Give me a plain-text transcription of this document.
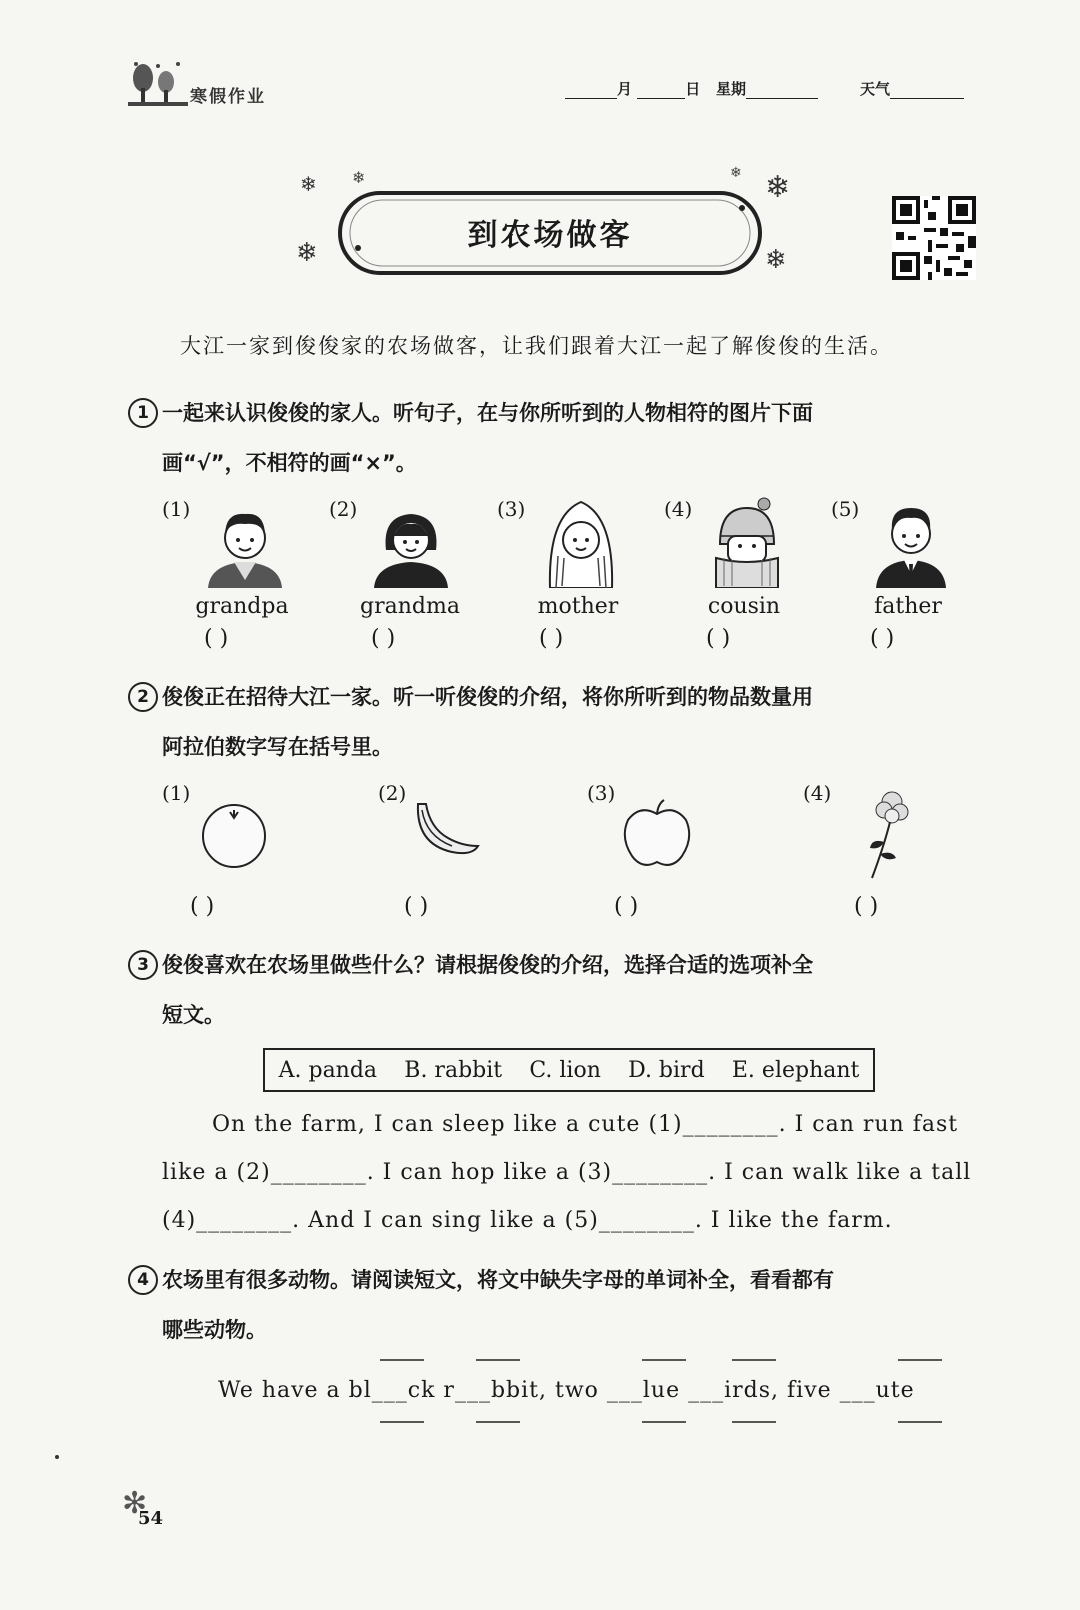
寒假作业	月	日 星期	天气
❄ ❄
❄
❄
❄
❄
到农场做客
大江一家到俊俊家的农场做客，让我们跟着大江一起了解俊俊的生活。
1 一起来认识俊俊的家人。听句子，在与你所听到的人物相符的图片下面
画“√”，不相符的画“×”。
(1)
grandpa
( )
(2)
grandma
( )
(3)
mother
( )
(4)
cousin
( )
(5)
father
( )
2 俊俊正在招待大江一家。听一听俊俊的介绍，将你所听到的物品数量用
阿拉伯数字写在括号里。
(1)
( )
(2)
( )
(3)
( )
(4)
( )
3 俊俊喜欢在农场里做些什么？请根据俊俊的介绍，选择合适的选项补全
短文。
A. panda B. rabbit C. lion D. bird E. elephant
On the farm, I can sleep like a cute (1)________. I can run fast
like a (2)________. I can hop like a (3)________. I can walk like a tall
(4)________. And I can sing like a (5)________. I like the farm.
4 农场里有很多动物。请阅读短文，将文中缺失字母的单词补全，看看都有
哪些动物。
We have a bl___ck r___bbit, two ___lue ___irds, five ___ute
✻
54
